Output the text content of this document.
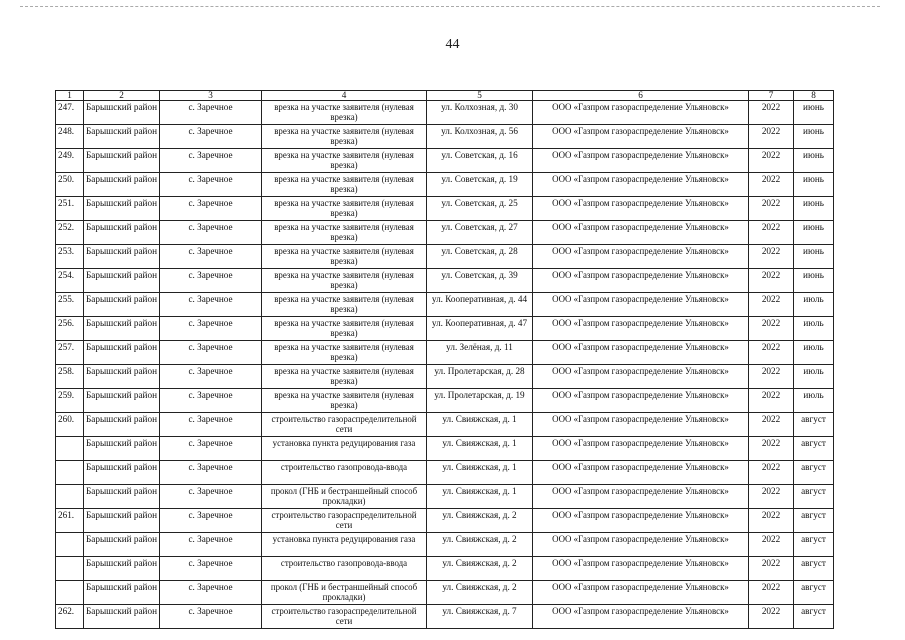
44
1	2	3	4	5	6	7	8
247.	Барышский район	с. Заречное	врезка на участке заявителя (нулевая врезка)	ул. Колхозная, д. 30	ООО «Газпром газораспределение Ульяновск»	2022	июнь
248.	Барышский район	с. Заречное	врезка на участке заявителя (нулевая врезка)	ул. Колхозная, д. 56	ООО «Газпром газораспределение Ульяновск»	2022	июнь
249.	Барышский район	с. Заречное	врезка на участке заявителя (нулевая врезка)	ул. Советская, д. 16	ООО «Газпром газораспределение Ульяновск»	2022	июнь
250.	Барышский район	с. Заречное	врезка на участке заявителя (нулевая врезка)	ул. Советская, д. 19	ООО «Газпром газораспределение Ульяновск»	2022	июнь
251.	Барышский район	с. Заречное	врезка на участке заявителя (нулевая врезка)	ул. Советская, д. 25	ООО «Газпром газораспределение Ульяновск»	2022	июнь
252.	Барышский район	с. Заречное	врезка на участке заявителя (нулевая врезка)	ул. Советская, д. 27	ООО «Газпром газораспределение Ульяновск»	2022	июнь
253.	Барышский район	с. Заречное	врезка на участке заявителя (нулевая врезка)	ул. Советская, д. 28	ООО «Газпром газораспределение Ульяновск»	2022	июнь
254.	Барышский район	с. Заречное	врезка на участке заявителя (нулевая врезка)	ул. Советская, д. 39	ООО «Газпром газораспределение Ульяновск»	2022	июнь
255.	Барышский район	с. Заречное	врезка на участке заявителя (нулевая врезка)	ул. Кооперативная, д. 44	ООО «Газпром газораспределение Ульяновск»	2022	июль
256.	Барышский район	с. Заречное	врезка на участке заявителя (нулевая врезка)	ул. Кооперативная, д. 47	ООО «Газпром газораспределение Ульяновск»	2022	июль
257.	Барышский район	с. Заречное	врезка на участке заявителя (нулевая врезка)	ул. Зелёная, д. 11	ООО «Газпром газораспределение Ульяновск»	2022	июль
258.	Барышский район	с. Заречное	врезка на участке заявителя (нулевая врезка)	ул. Пролетарская, д. 28	ООО «Газпром газораспределение Ульяновск»	2022	июль
259.	Барышский район	с. Заречное	врезка на участке заявителя (нулевая врезка)	ул. Пролетарская, д. 19	ООО «Газпром газораспределение Ульяновск»	2022	июль
260.	Барышский район	с. Заречное	строительство газораспределительной сети	ул. Свияжская, д. 1	ООО «Газпром газораспределение Ульяновск»	2022	август
	Барышский район	с. Заречное	установка пункта редуцирования газа	ул. Свияжская, д. 1	ООО «Газпром газораспределение Ульяновск»	2022	август
	Барышский район	с. Заречное	строительство газопровода-ввода	ул. Свияжская, д. 1	ООО «Газпром газораспределение Ульяновск»	2022	август
	Барышский район	с. Заречное	прокол (ГНБ и бестраншейный способ прокладки)	ул. Свияжская, д. 1	ООО «Газпром газораспределение Ульяновск»	2022	август
261.	Барышский район	с. Заречное	строительство газораспределительной сети	ул. Свияжская, д. 2	ООО «Газпром газораспределение Ульяновск»	2022	август
	Барышский район	с. Заречное	установка пункта редуцирования газа	ул. Свияжская, д. 2	ООО «Газпром газораспределение Ульяновск»	2022	август
	Барышский район	с. Заречное	строительство газопровода-ввода	ул. Свияжская, д. 2	ООО «Газпром газораспределение Ульяновск»	2022	август
	Барышский район	с. Заречное	прокол (ГНБ и бестраншейный способ прокладки)	ул. Свияжская, д. 2	ООО «Газпром газораспределение Ульяновск»	2022	август
262.	Барышский район	с. Заречное	строительство газораспределительной сети	ул. Свияжская, д. 7	ООО «Газпром газораспределение Ульяновск»	2022	август
